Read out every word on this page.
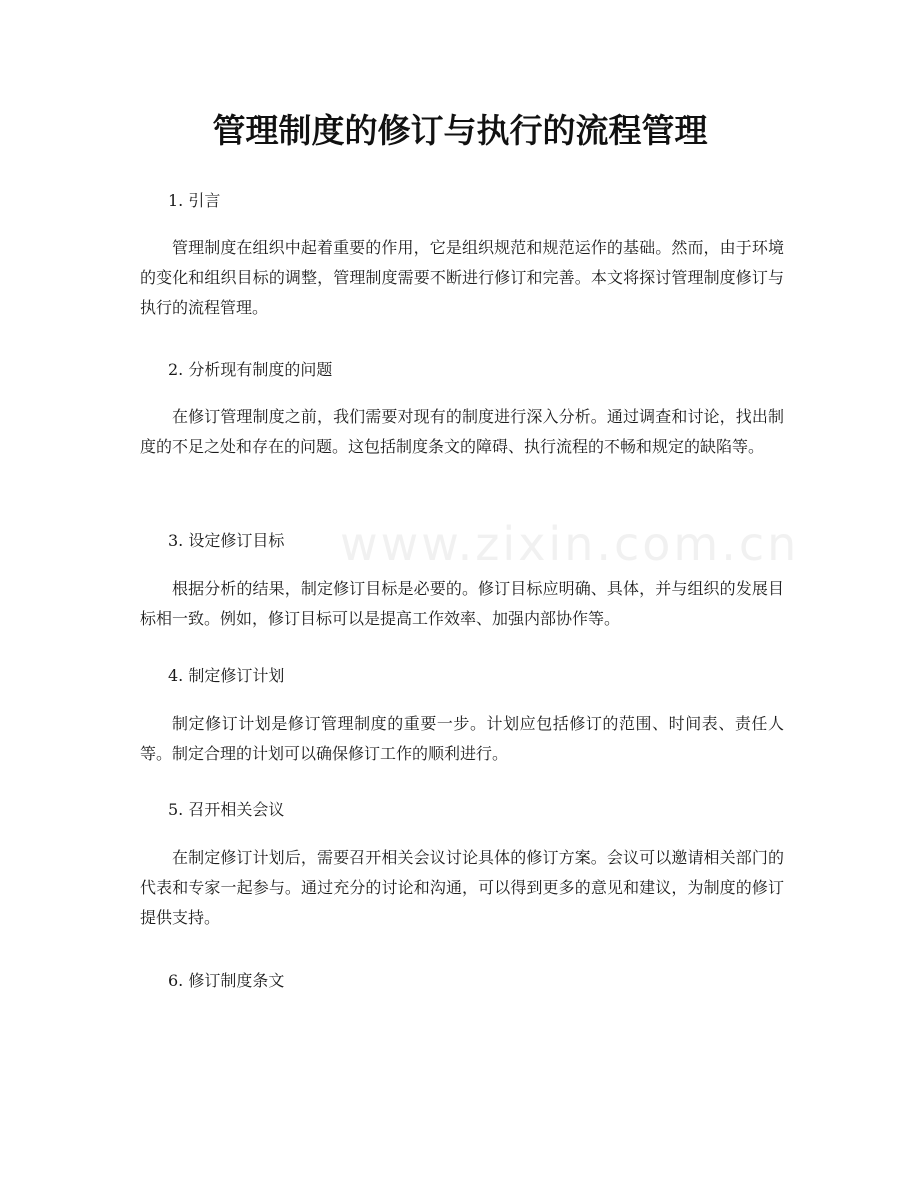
管理制度的修订与执行的流程管理
www.zixin.com.cn

1. 引言

管理制度在组织中起着重要的作用，它是组织规范和规范运作的基础。然而，由于环境的变化和组织目标的调整，管理制度需要不断进行修订和完善。本文将探讨管理制度修订与执行的流程管理。

2. 分析现有制度的问题

在修订管理制度之前，我们需要对现有的制度进行深入分析。通过调查和讨论，找出制度的不足之处和存在的问题。这包括制度条文的障碍、执行流程的不畅和规定的缺陷等。

3. 设定修订目标

根据分析的结果，制定修订目标是必要的。修订目标应明确、具体，并与组织的发展目标相一致。例如，修订目标可以是提高工作效率、加强内部协作等。

4. 制定修订计划

制定修订计划是修订管理制度的重要一步。计划应包括修订的范围、时间表、责任人等。制定合理的计划可以确保修订工作的顺利进行。

5. 召开相关会议

在制定修订计划后，需要召开相关会议讨论具体的修订方案。会议可以邀请相关部门的代表和专家一起参与。通过充分的讨论和沟通，可以得到更多的意见和建议，为制度的修订提供支持。

6. 修订制度条文
